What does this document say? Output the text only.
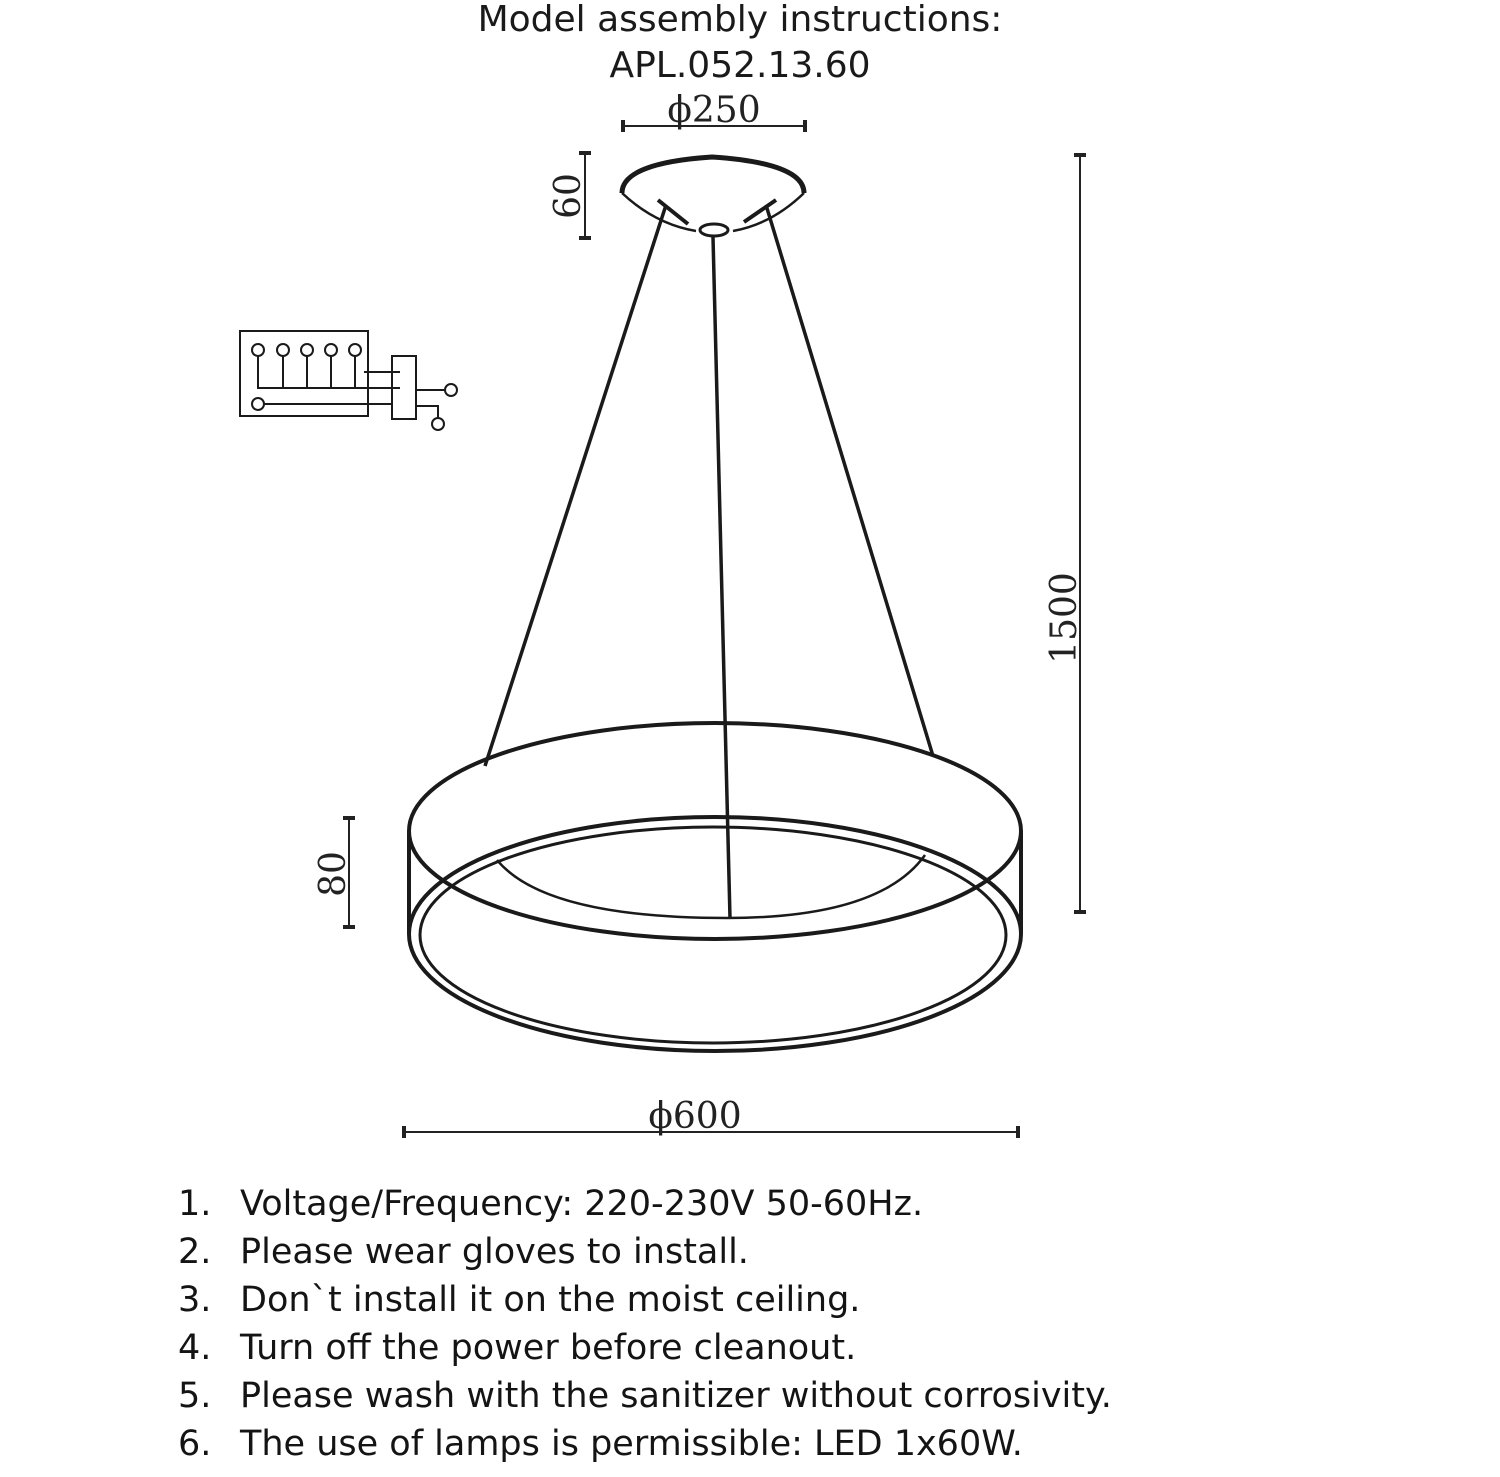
Model assembly instructions:
APL.052.13.60
ϕ250
60
1500
80
ϕ600
1. Voltage/Frequency: 220-230V 50-60Hz.
2. Please wear gloves to install.
3. Don`t install it on the moist ceiling.
4. Turn off the power before cleanout.
5. Please wash with the sanitizer without corrosivity.
6. The use of lamps is permissible: LED 1x60W.
